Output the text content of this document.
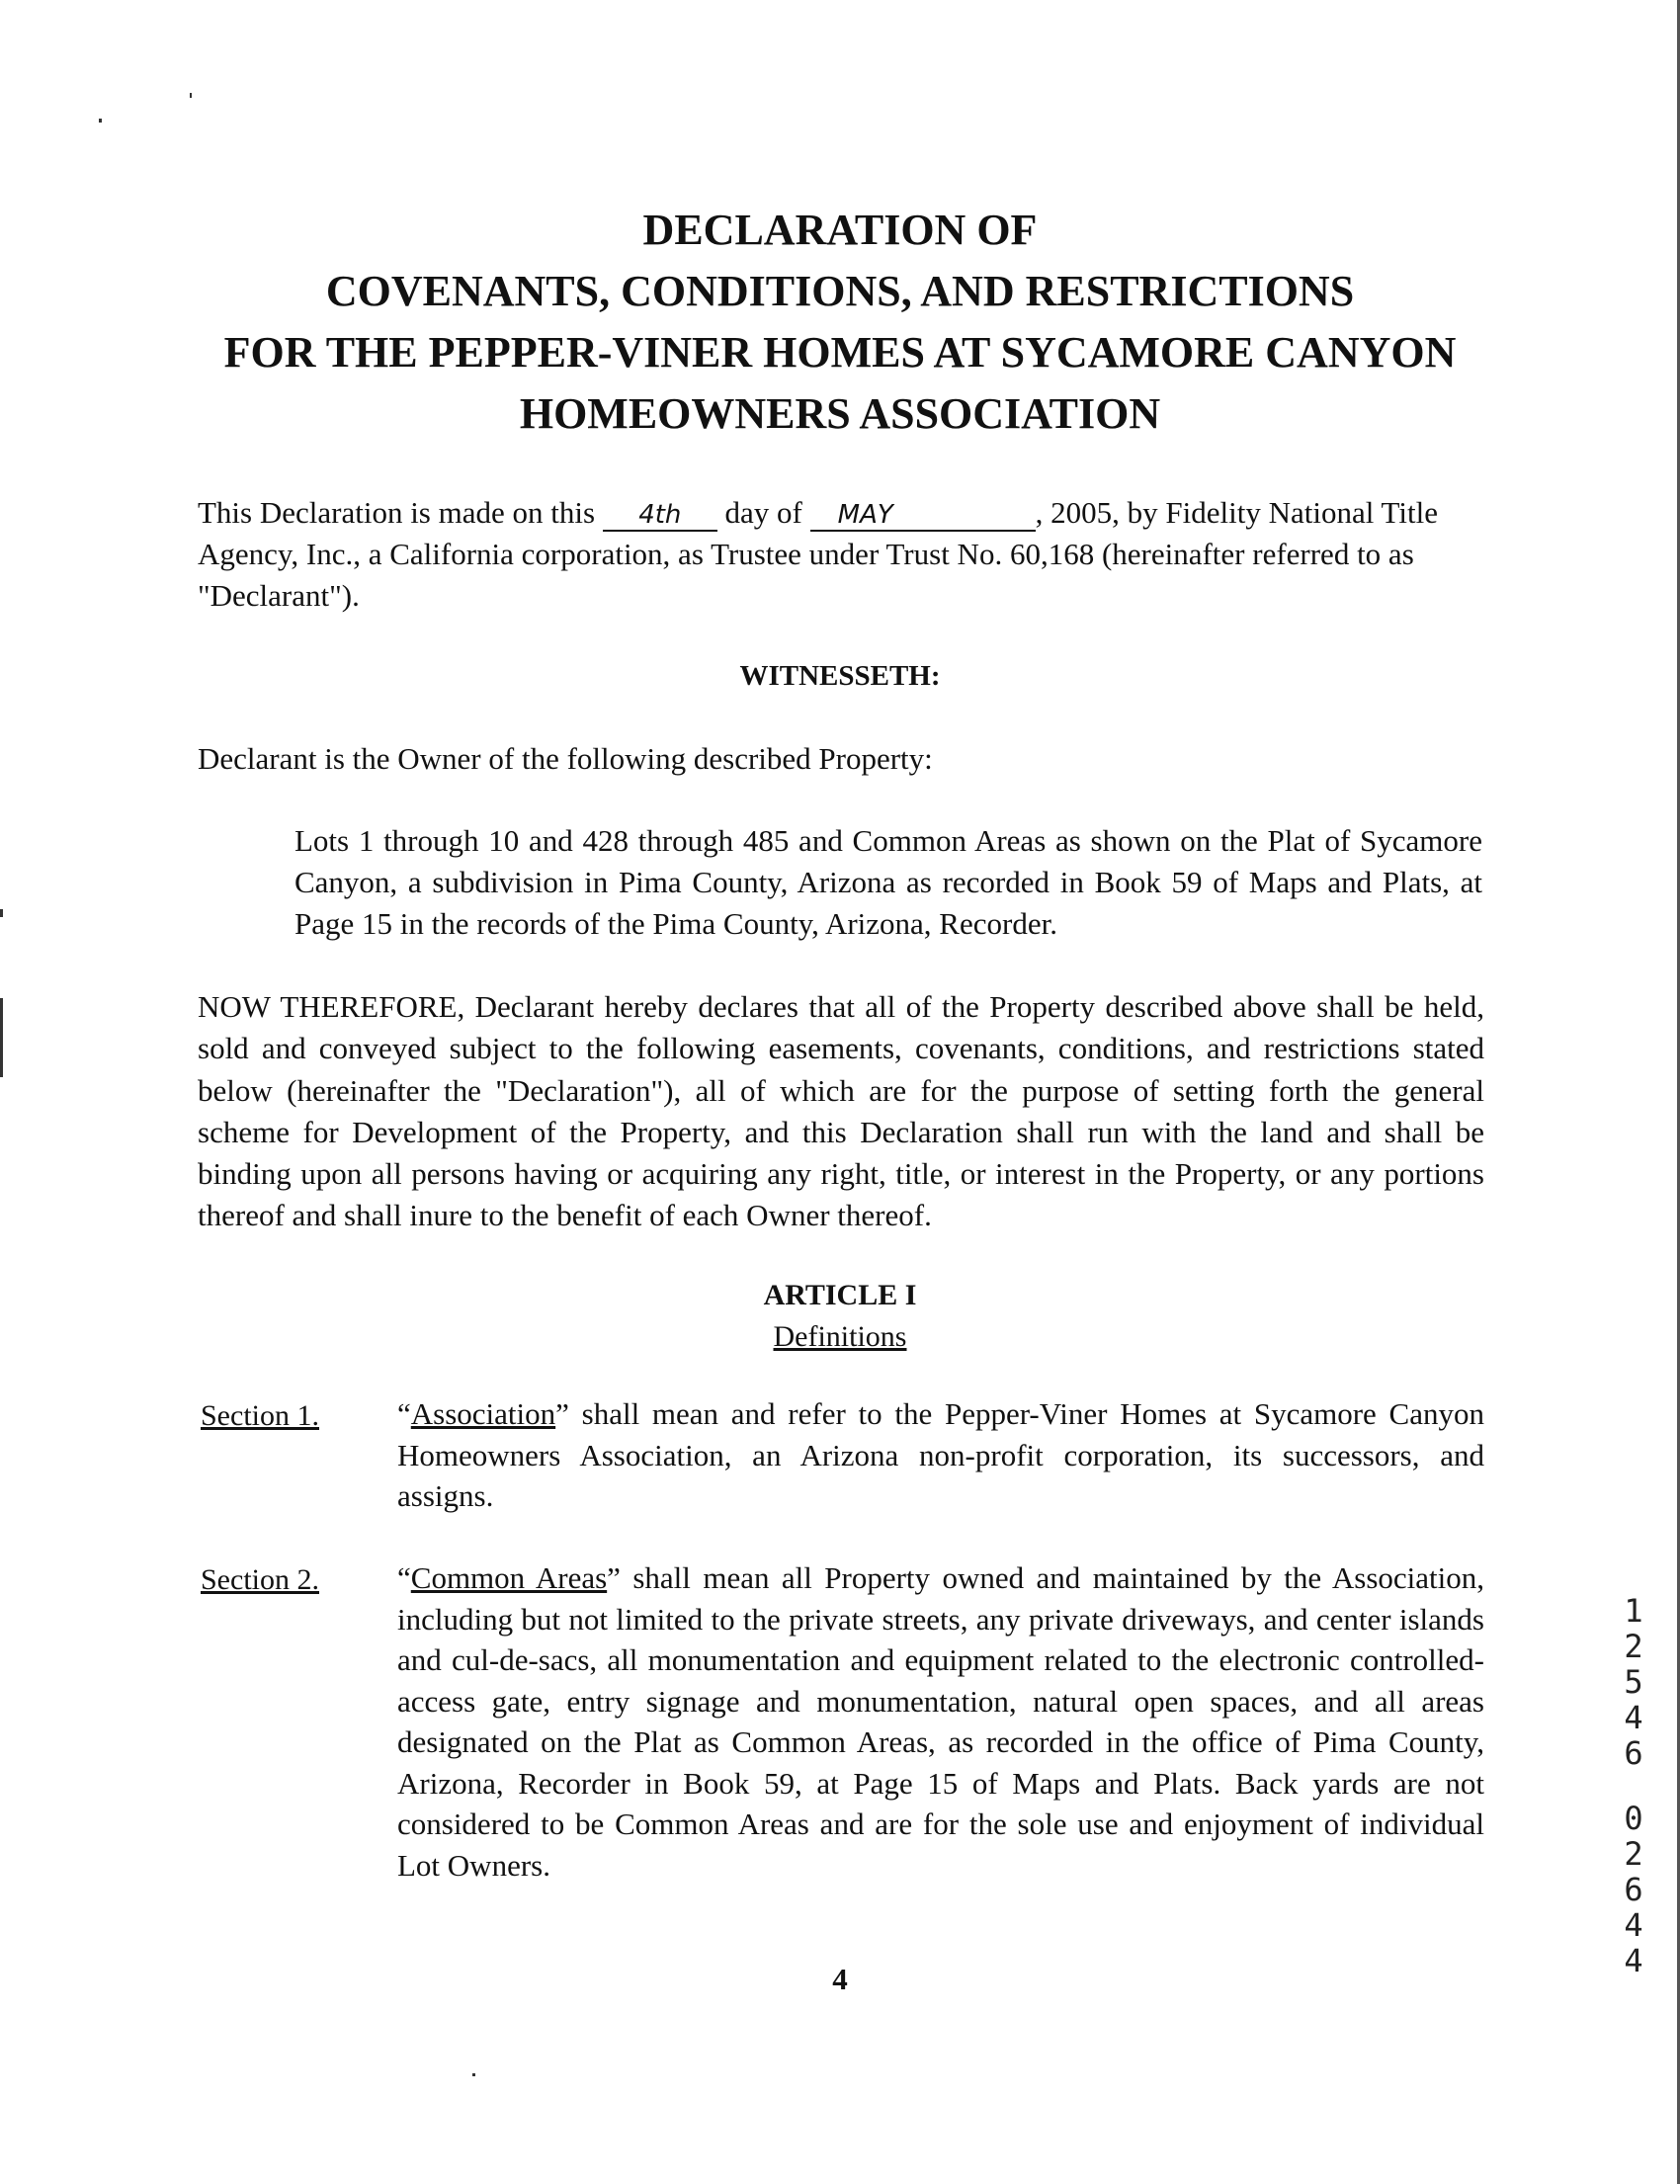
DECLARATION OF
COVENANTS, CONDITIONS, AND RESTRICTIONS
FOR THE PEPPER-VINER HOMES AT SYCAMORE CANYON
HOMEOWNERS ASSOCIATION
This Declaration is made on this 4th day of MAY	, 2005, by Fidelity National Title
Agency, Inc., a California corporation, as Trustee under Trust No. 60,168 (hereinafter referred to as
"Declarant").
WITNESSETH:
Declarant is the Owner of the following described Property:
Lots 1 through 10 and 428 through 485 and Common Areas as shown on the Plat of Sycamore Canyon, a subdivision in Pima County, Arizona as recorded in Book 59 of Maps and Plats, at Page 15 in the records of the Pima County, Arizona, Recorder.
NOW THEREFORE, Declarant hereby declares that all of the Property described above shall be held, sold and conveyed subject to the following easements, covenants, conditions, and restrictions stated below (hereinafter the "Declaration"), all of which are for the purpose of setting forth the general scheme for Development of the Property, and this Declaration shall run with the land and shall be binding upon all persons having or acquiring any right, title, or interest in the Property, or any portions thereof and shall inure to the benefit of each Owner thereof.
ARTICLE I
Definitions
Section 1.	“Association” shall mean and refer to the Pepper-Viner Homes at Sycamore Canyon Homeowners Association, an Arizona non-profit corporation, its successors, and assigns.
Section 2.	“Common Areas” shall mean all Property owned and maintained by the Association, including but not limited to the private streets, any private driveways, and center islands and cul-de-sacs, all monumentation and equipment related to the electronic controlled-access gate, entry signage and monumentation, natural open spaces, and all areas designated on the Plat as Common Areas, as recorded in the office of Pima County, Arizona, Recorder in Book 59, at Page 15 of Maps and Plats. Back yards are not considered to be Common Areas and are for the sole use and enjoyment of individual Lot Owners.
4
1
2
5
4
6
0
2
6
4
4
